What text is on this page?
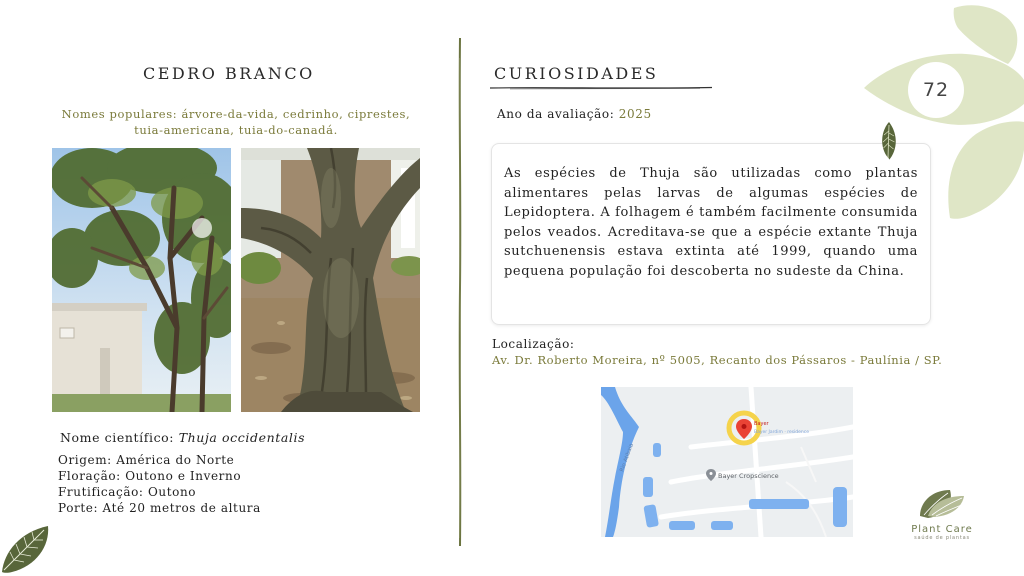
CEDRO BRANCO
Nomes populares: árvore-da-vida, cedrinho, ciprestes,
tuia-americana, tuia-do-canadá.
Nome científico: Thuja occidentalis
Origem: América do Norte
Floração: Outono e Inverno
Frutificação: Outono
Porte: Até 20 metros de altura
CURIOSIDADES
Ano da avaliação: 2025

As espécies de Thuja são utilizadas como plantas alimentares pelas larvas de algumas espécies de Lepidoptera. A folhagem é também facilmente consumida pelos veados. Acreditava-se que a espécie extante Thuja sutchuenensis estava extinta até 1999, quando uma pequena população foi descoberta no sudeste da China.

Localização:
Av. Dr. Roberto Moreira, nº 5005, Recanto dos Pássaros - Paulínia / SP.
Rio Atibaia
Bayer
Bayer Jardim · residence
Bayer Cropscience
72
Plant Care
saúde de plantas
